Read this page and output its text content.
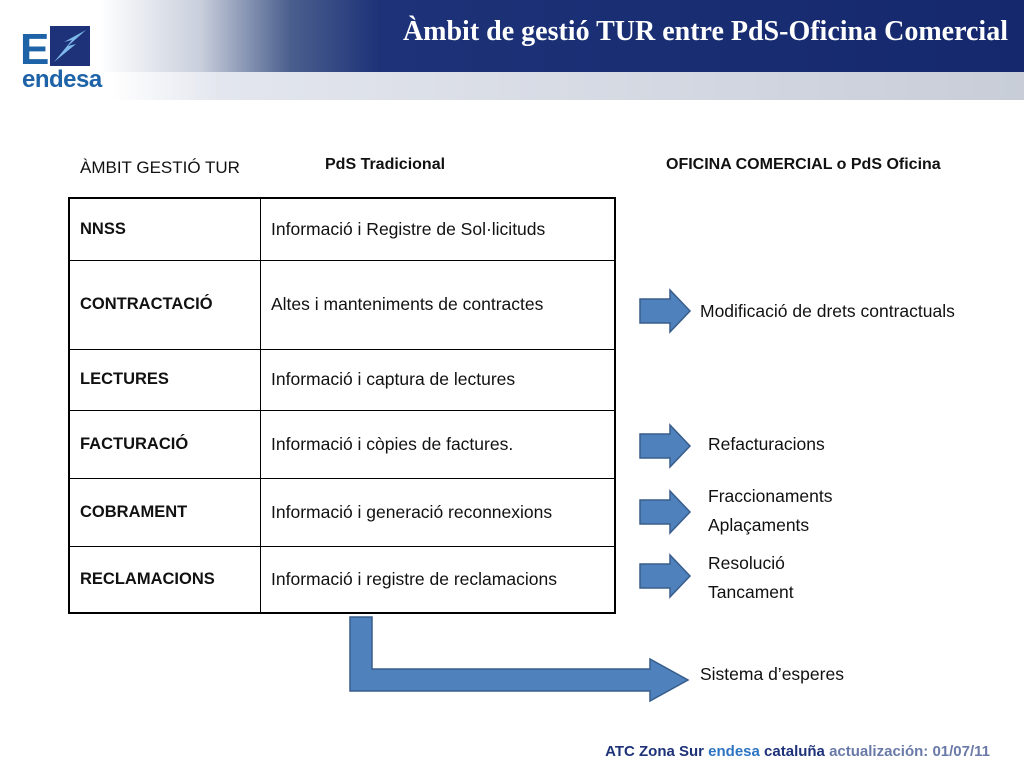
E
endesa
Àmbit de gestió TUR entre PdS-Oficina Comercial
ÀMBIT GESTIÓ TUR	PdS Tradicional	OFICINA COMERCIAL o PdS Oficina
NNSS	Informació i Registre de Sol·licituds
CONTRACTACIÓ	Altes i manteniments de contractes
LECTURES	Informació i captura de lectures
FACTURACIÓ	Informació i còpies de factures.
COBRAMENT	Informació i generació reconnexions
RECLAMACIONS	Informació i registre de reclamacions
Modificació de drets contractuals
Refacturacions
Fraccionaments
Aplaçaments
Resolució
Tancament
Sistema d’esperes
ATC Zona Sur endesa cataluña actualización: 01/07/11
